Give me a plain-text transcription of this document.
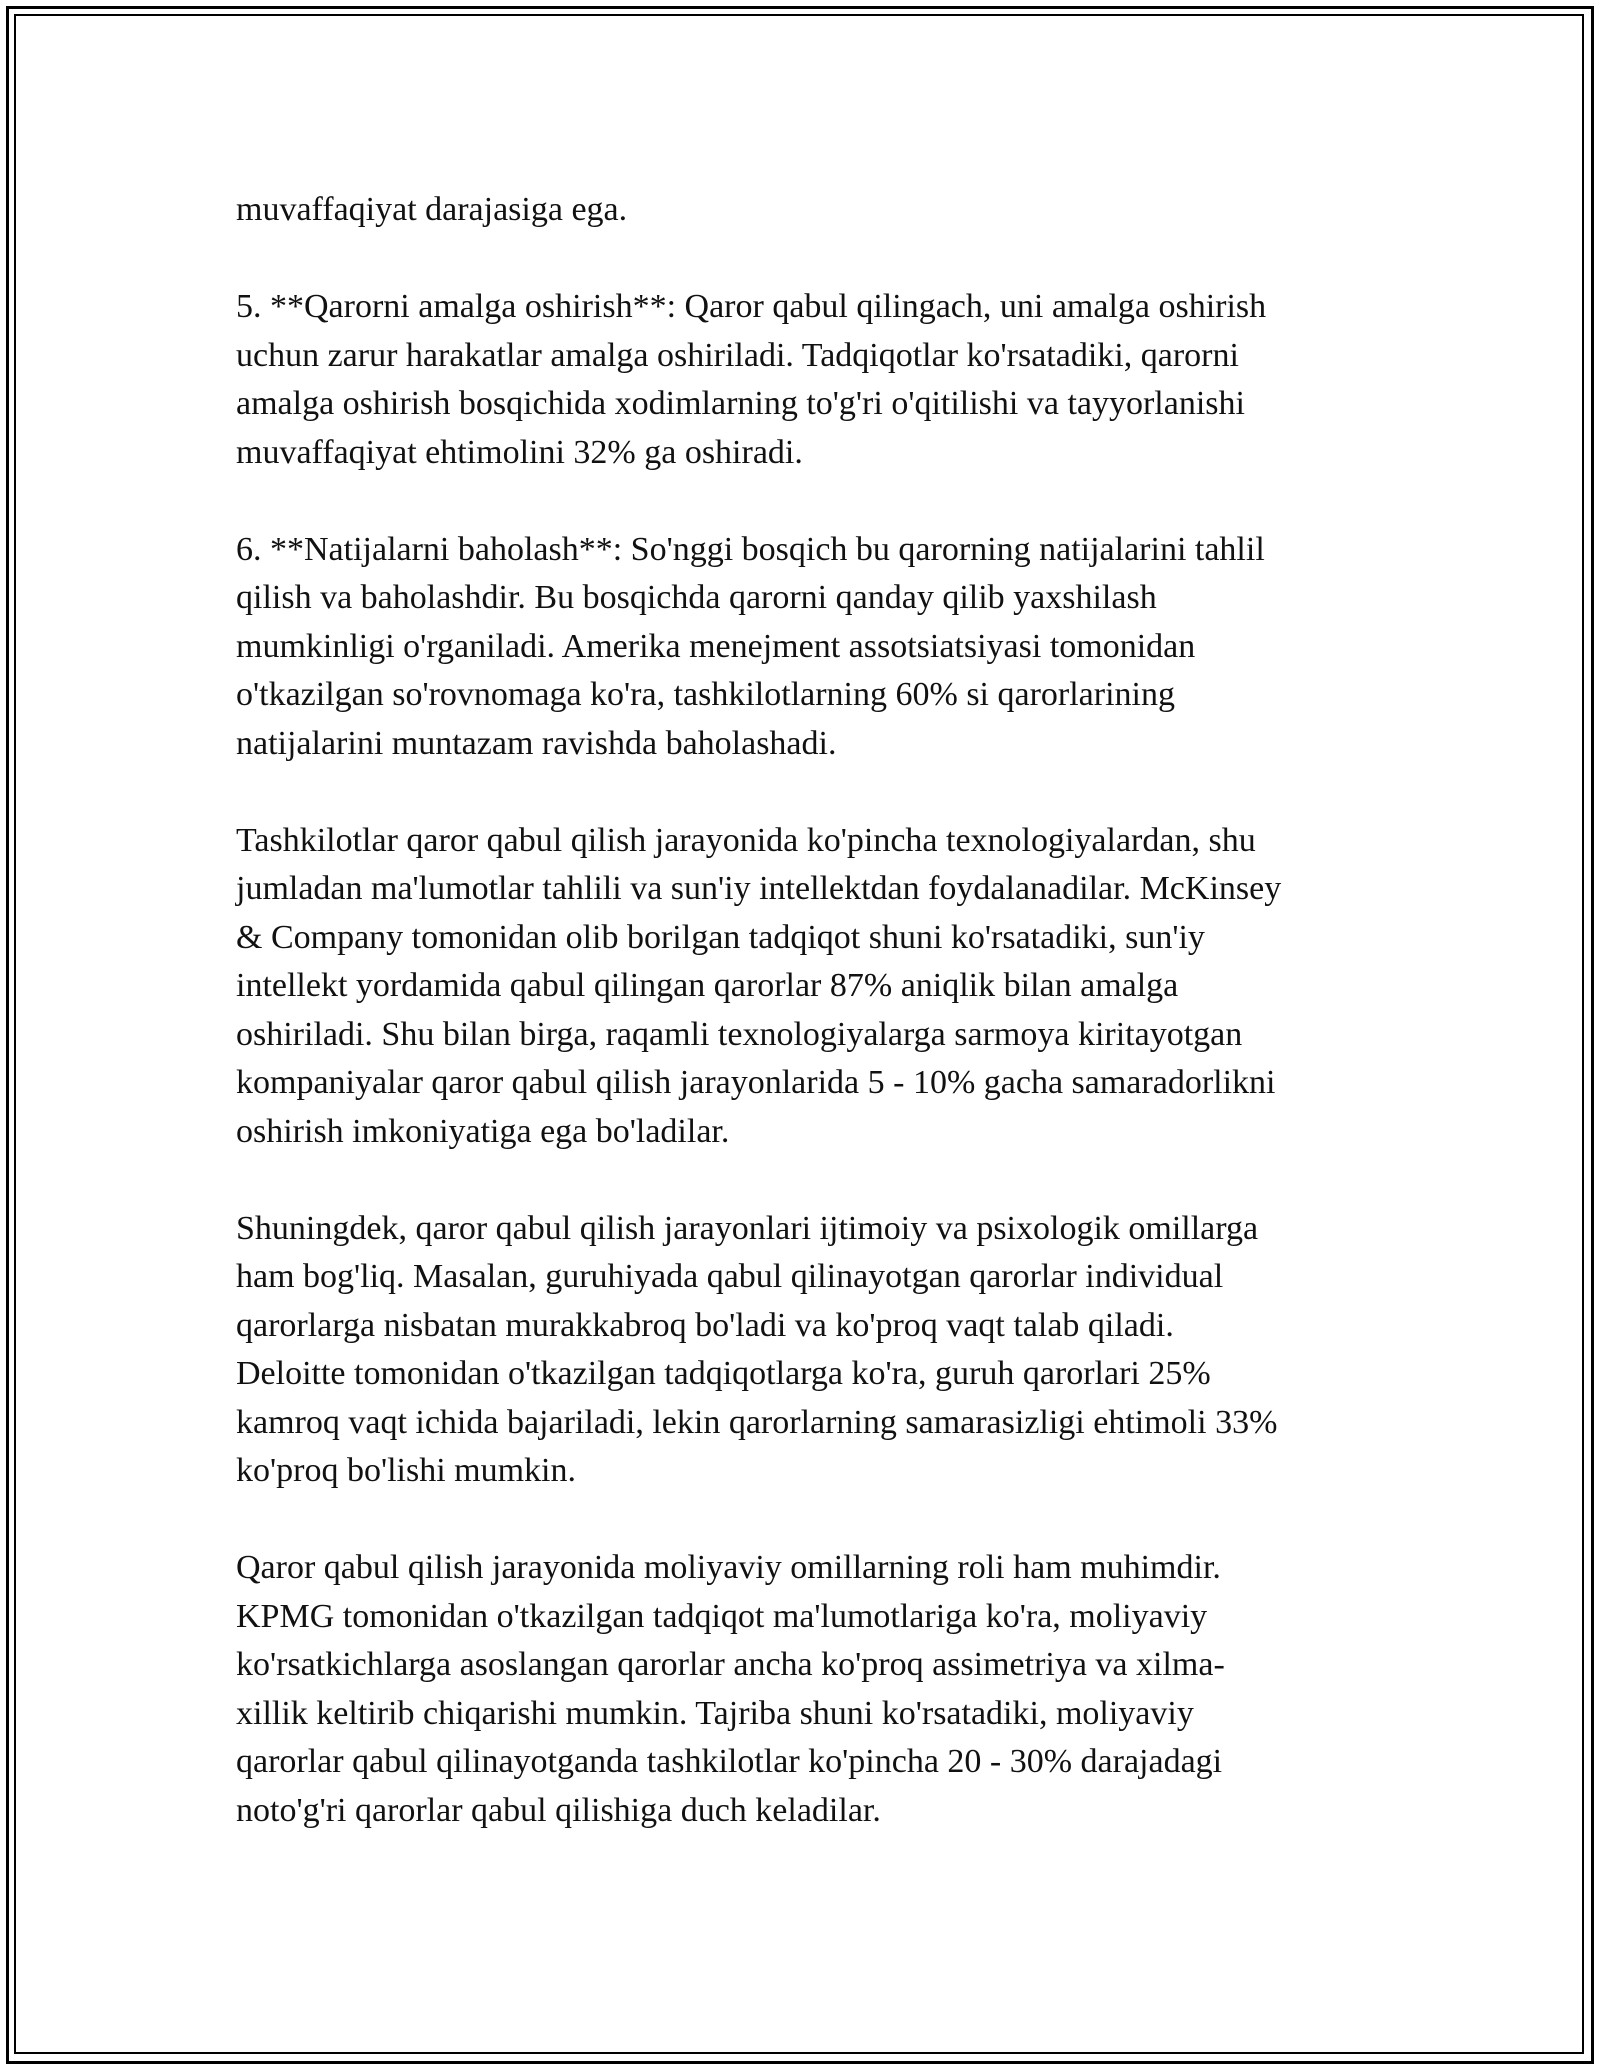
muvaffaqiyat darajasiga ega.

5. **Qarorni amalga oshirish**: Qaror qabul qilingach, uni amalga oshirish
uchun zarur harakatlar amalga oshiriladi. Tadqiqotlar ko'rsatadiki, qarorni
amalga oshirish bosqichida xodimlarning to'g'ri o'qitilishi va tayyorlanishi
muvaffaqiyat ehtimolini 32% ga oshiradi.

6. **Natijalarni baholash**: So'nggi bosqich bu qarorning natijalarini tahlil
qilish va baholashdir. Bu bosqichda qarorni qanday qilib yaxshilash
mumkinligi o'rganiladi. Amerika menejment assotsiatsiyasi tomonidan
o'tkazilgan so'rovnomaga ko'ra, tashkilotlarning 60% si qarorlarining
natijalarini muntazam ravishda baholashadi.

Tashkilotlar qaror qabul qilish jarayonida ko'pincha texnologiyalardan, shu
jumladan ma'lumotlar tahlili va sun'iy intellektdan foydalanadilar. McKinsey
& Company tomonidan olib borilgan tadqiqot shuni ko'rsatadiki, sun'iy
intellekt yordamida qabul qilingan qarorlar 87% aniqlik bilan amalga
oshiriladi. Shu bilan birga, raqamli texnologiyalarga sarmoya kiritayotgan
kompaniyalar qaror qabul qilish jarayonlarida 5 - 10% gacha samaradorlikni
oshirish imkoniyatiga ega bo'ladilar.

Shuningdek, qaror qabul qilish jarayonlari ijtimoiy va psixologik omillarga
ham bog'liq. Masalan, guruhiyada qabul qilinayotgan qarorlar individual
qarorlarga nisbatan murakkabroq bo'ladi va ko'proq vaqt talab qiladi.
Deloitte tomonidan o'tkazilgan tadqiqotlarga ko'ra, guruh qarorlari 25%
kamroq vaqt ichida bajariladi, lekin qarorlarning samarasizligi ehtimoli 33%
ko'proq bo'lishi mumkin.

Qaror qabul qilish jarayonida moliyaviy omillarning roli ham muhimdir.
KPMG tomonidan o'tkazilgan tadqiqot ma'lumotlariga ko'ra, moliyaviy
ko'rsatkichlarga asoslangan qarorlar ancha ko'proq assimetriya va xilma-
xillik keltirib chiqarishi mumkin. Tajriba shuni ko'rsatadiki, moliyaviy
qarorlar qabul qilinayotganda tashkilotlar ko'pincha 20 - 30% darajadagi
noto'g'ri qarorlar qabul qilishiga duch keladilar.
